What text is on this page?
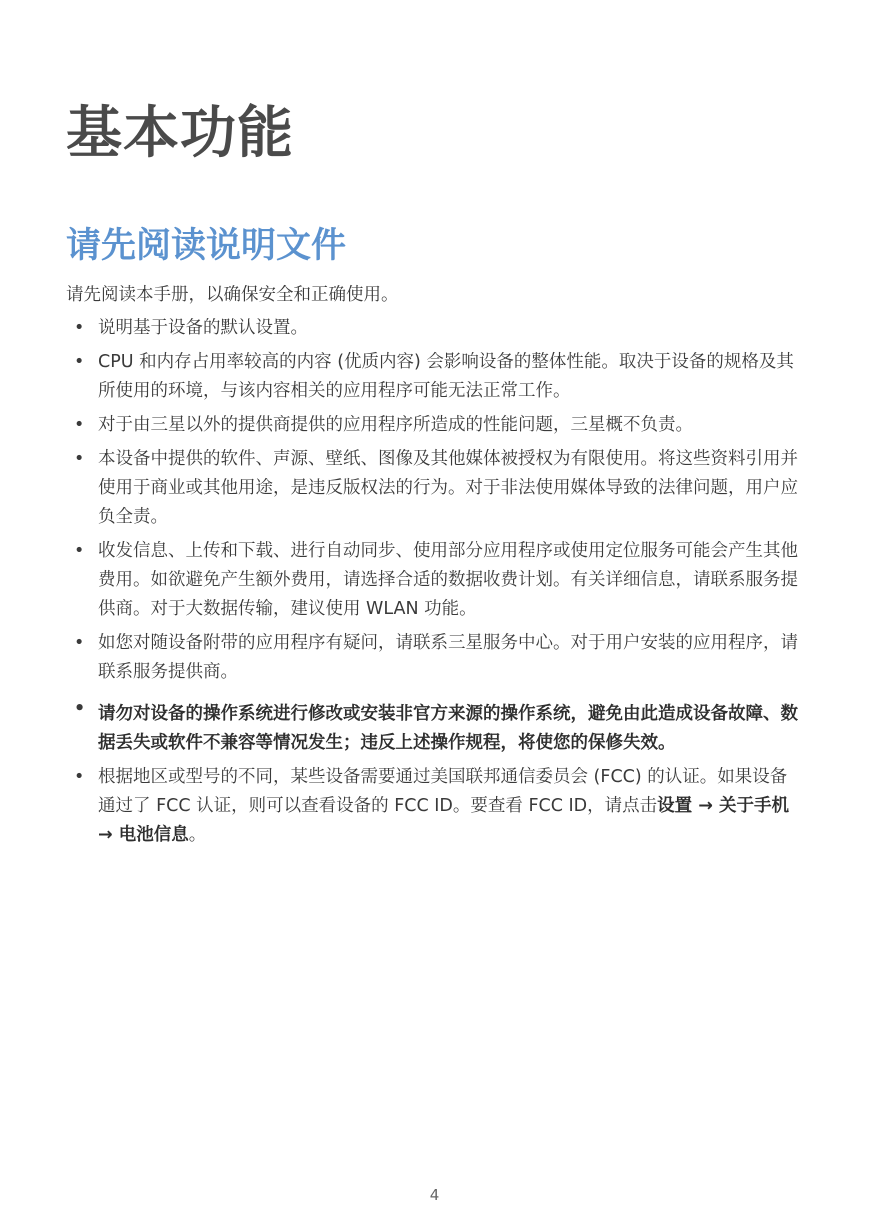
基本功能
请先阅读说明文件

请先阅读本手册，以确保安全和正确使用。

• 说明基于设备的默认设置。
• CPU 和内存占用率较高的内容 (优质内容) 会影响设备的整体性能。取决于设备的规格及其所使用的环境，与该内容相关的应用程序可能无法正常工作。
• 对于由三星以外的提供商提供的应用程序所造成的性能问题，三星概不负责。
• 本设备中提供的软件、声源、壁纸、图像及其他媒体被授权为有限使用。将这些资料引用并使用于商业或其他用途，是违反版权法的行为。对于非法使用媒体导致的法律问题，用户应负全责。
• 收发信息、上传和下载、进行自动同步、使用部分应用程序或使用定位服务可能会产生其他费用。如欲避免产生额外费用，请选择合适的数据收费计划。有关详细信息，请联系服务提供商。对于大数据传输，建议使用 WLAN 功能。
• 如您对随设备附带的应用程序有疑问，请联系三星服务中心。对于用户安装的应用程序，请联系服务提供商。
• 请勿对设备的操作系统进行修改或安装非官方来源的操作系统，避免由此造成设备故障、数据丢失或软件不兼容等情况发生；违反上述操作规程，将使您的保修失效。
• 根据地区或型号的不同，某些设备需要通过美国联邦通信委员会 (FCC) 的认证。如果设备通过了 FCC 认证，则可以查看设备的 FCC ID。要查看 FCC ID，请点击设置 → 关于手机 → 电池信息。
4
